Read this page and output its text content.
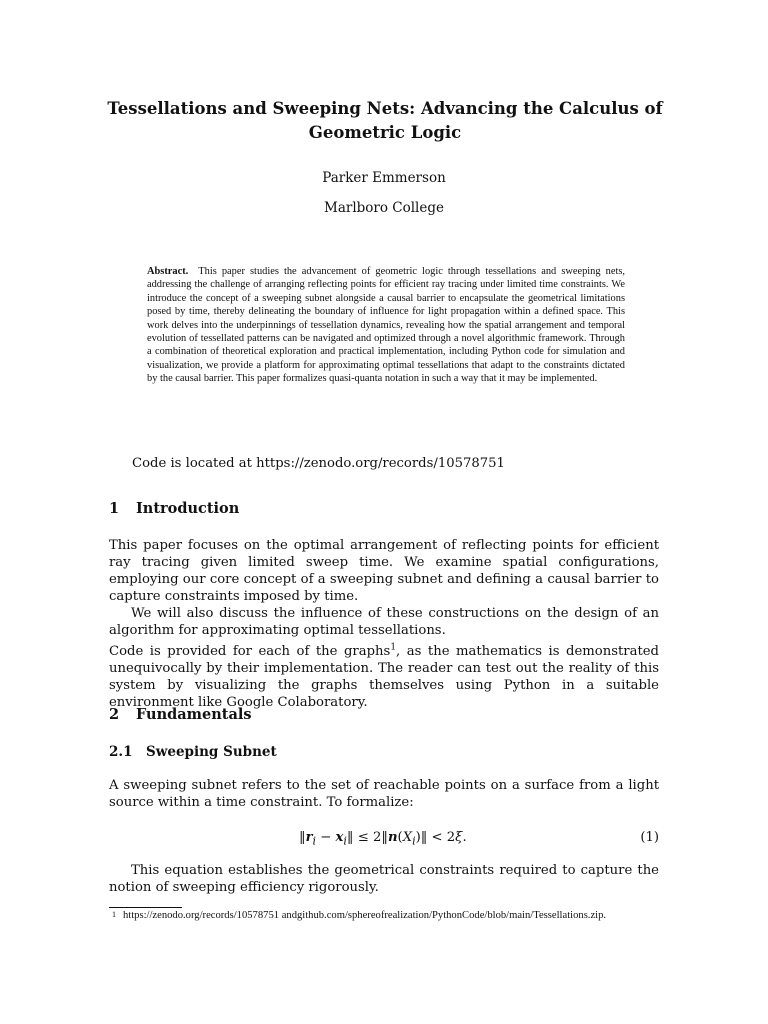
Tessellations and Sweeping Nets: Advancing the Calculus of
Geometric Logic
Parker Emmerson
Marlboro College
Abstract. This paper studies the advancement of geometric logic through tessellations and sweeping nets, addressing the challenge of arranging reflecting points for efficient ray tracing under limited time constraints. We introduce the concept of a sweeping subnet alongside a causal barrier to encapsulate the geometrical limitations posed by time, thereby delineating the boundary of influence for light propagation within a defined space. This work delves into the underpinnings of tessellation dynamics, revealing how the spatial arrangement and temporal evolution of tessellated patterns can be navigated and optimized through a novel algorithmic framework. Through a combination of theoretical exploration and practical implementation, including Python code for simulation and visualization, we provide a platform for approximating optimal tessellations that adapt to the constraints dictated by the causal barrier. This paper formalizes quasi-quanta notation in such a way that it may be implemented.
Code is located at https://zenodo.org/records/10578751
1 Introduction

This paper focuses on the optimal arrangement of reflecting points for efficient ray tracing given limited sweep time. We examine spatial configurations, employing our core concept of a sweeping subnet and defining a causal barrier to capture constraints imposed by time.

We will also discuss the influence of these constructions on the design of an algorithm for approximating optimal tessellations.

Code is provided for each of the graphs$^1$, as the mathematics is demonstrated unequivocally by their implementation. The reader can test out the reality of this system by visualizing the graphs themselves using Python in a suitable environment like Google Colaboratory.

2 Fundamentals
2.1 Sweeping Subnet
A sweeping subnet refers to the set of reachable points on a surface from a light source within a time constraint. To formalize:
$‖r_i$ − $x_i‖$ ≤ $2‖n(X_i)‖ < 2\xi$.	(1)
This equation establishes the geometrical constraints required to capture the notion of sweeping efficiency rigorously.
$^1$ https://zenodo.org/records/10578751 andgithub.com/sphereofrealization/PythonCode/blob/main/Tessellations.zip.
